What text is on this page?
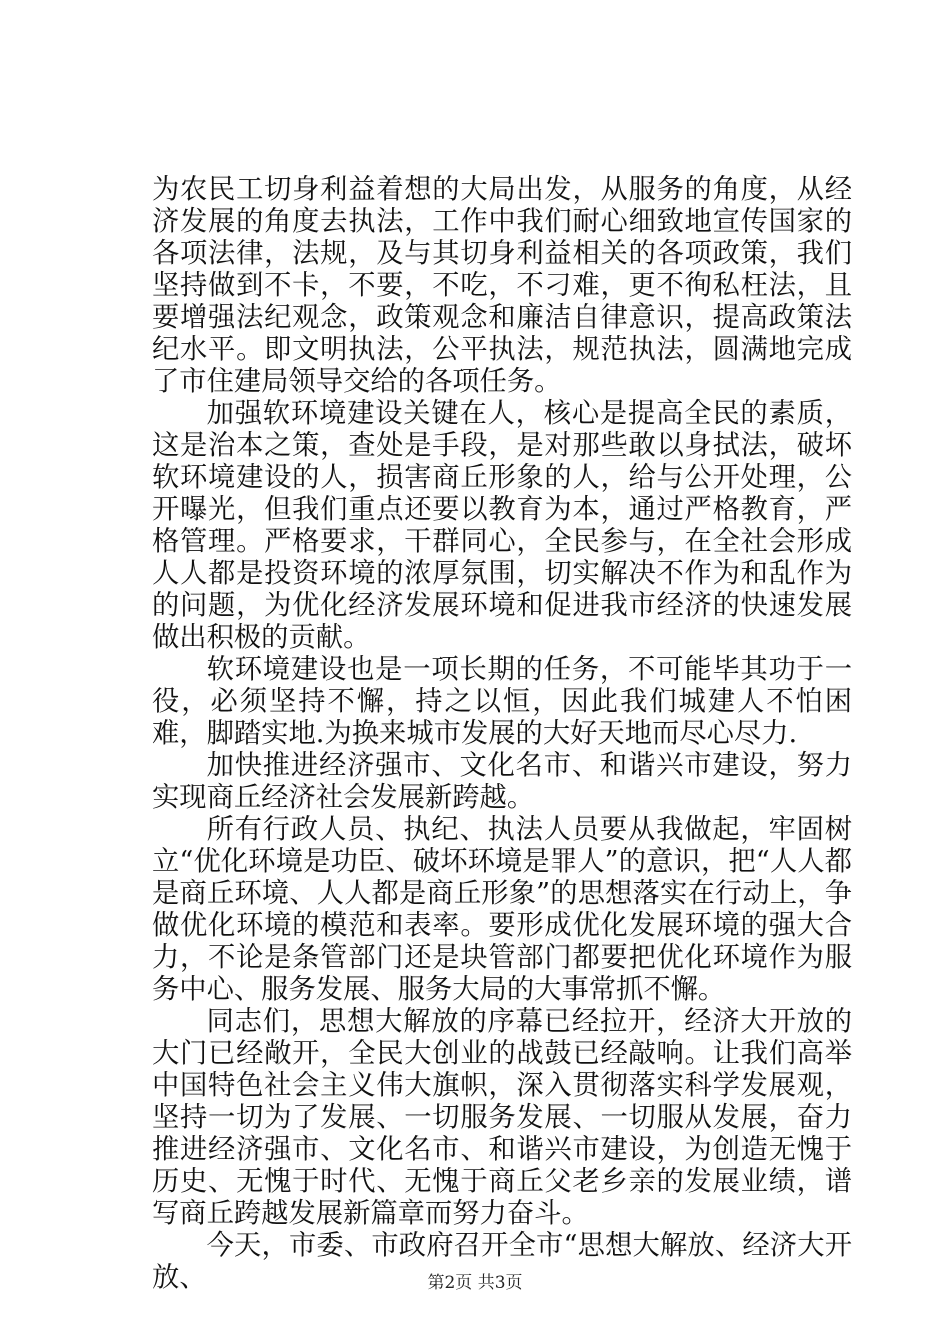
为农民工切身利益着想的大局出发，从服务的角度，从经济发展的角度去执法，工作中我们耐心细致地宣传国家的各项法律，法规，及与其切身利益相关的各项政策，我们坚持做到不卡，不要，不吃，不刁难，更不徇私枉法，且要增强法纪观念，政策观念和廉洁自律意识，提高政策法纪水平。即文明执法，公平执法，规范执法，圆满地完成了市住建局领导交给的各项任务。

加强软环境建设关键在人，核心是提高全民的素质，这是治本之策，查处是手段，是对那些敢以身拭法，破坏软环境建设的人，损害商丘形象的人，给与公开处理，公开曝光，但我们重点还要以教育为本，通过严格教育，严格管理。严格要求，干群同心，全民参与，在全社会形成人人都是投资环境的浓厚氛围，切实解决不作为和乱作为的问题，为优化经济发展环境和促进我市经济的快速发展做出积极的贡献。

软环境建设也是一项长期的任务，不可能毕其功于一役，必须坚持不懈，持之以恒，因此我们城建人不怕困难，脚踏实地.为换来城市发展的大好天地而尽心尽力.

加快推进经济强市、文化名市、和谐兴市建设，努力实现商丘经济社会发展新跨越。

所有行政人员、执纪、执法人员要从我做起，牢固树立“优化环境是功臣、破坏环境是罪人”的意识，把“人人都是商丘环境、人人都是商丘形象”的思想落实在行动上，争做优化环境的模范和表率。要形成优化发展环境的强大合力，不论是条管部门还是块管部门都要把优化环境作为服务中心、服务发展、服务大局的大事常抓不懈。

同志们，思想大解放的序幕已经拉开，经济大开放的大门已经敞开，全民大创业的战鼓已经敲响。让我们高举中国特色社会主义伟大旗帜，深入贯彻落实科学发展观，坚持一切为了发展、一切服务发展、一切服从发展，奋力推进经济强市、文化名市、和谐兴市建设，为创造无愧于历史、无愧于时代、无愧于商丘父老乡亲的发展业绩，谱写商丘跨越发展新篇章而努力奋斗。

今天，市委、市政府召开全市“思想大解放、经济大开放、	第2页 共3页
